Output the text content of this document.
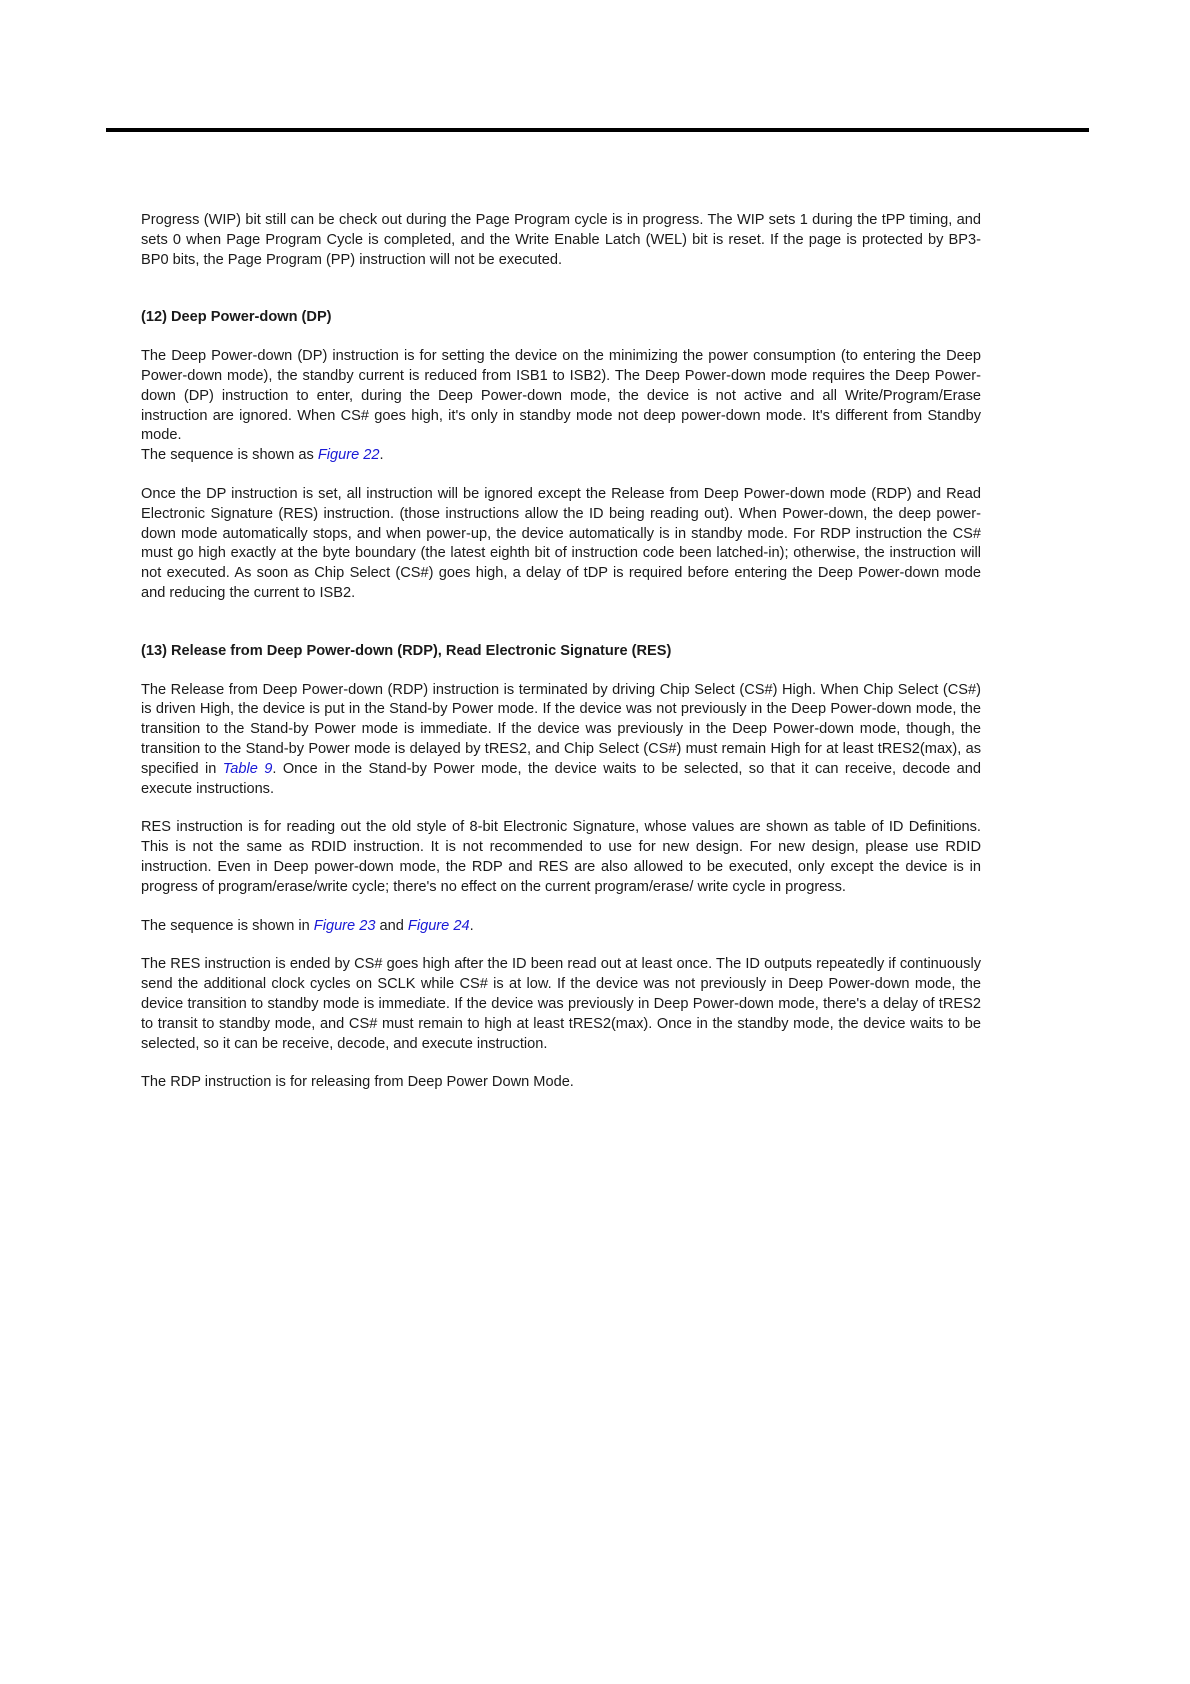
Progress (WIP) bit still can be check out during the Page Program cycle is in progress. The WIP sets 1 during the tPP timing, and sets 0 when Page Program Cycle is completed, and the Write Enable Latch (WEL) bit is reset. If the page is protected by BP3-BP0 bits, the Page Program (PP) instruction will not be executed.

(12) Deep Power-down (DP)

The Deep Power-down (DP) instruction is for setting the device on the minimizing the power consumption (to entering the Deep Power-down mode), the standby current is reduced from ISB1 to ISB2). The Deep Power-down mode requires the Deep Power-down (DP) instruction to enter, during the Deep Power-down mode, the device is not active and all Write/Program/Erase instruction are ignored. When CS# goes high, it's only in standby mode not deep power-down mode. It's different from Standby mode.

The sequence is shown as Figure 22.

Once the DP instruction is set, all instruction will be ignored except the Release from Deep Power-down mode (RDP) and Read Electronic Signature (RES) instruction. (those instructions allow the ID being reading out). When Power-down, the deep power-down mode automatically stops, and when power-up, the device automatically is in standby mode. For RDP instruction the CS# must go high exactly at the byte boundary (the latest eighth bit of instruction code been latched-in); otherwise, the instruction will not executed. As soon as Chip Select (CS#) goes high, a delay of tDP is required before entering the Deep Power-down mode and reducing the current to ISB2.

(13) Release from Deep Power-down (RDP), Read Electronic Signature (RES)

The Release from Deep Power-down (RDP) instruction is terminated by driving Chip Select (CS#) High. When Chip Select (CS#) is driven High, the device is put in the Stand-by Power mode. If the device was not previously in the Deep Power-down mode, the transition to the Stand-by Power mode is immediate. If the device was previously in the Deep Power-down mode, though, the transition to the Stand-by Power mode is delayed by tRES2, and Chip Select (CS#) must remain High for at least tRES2(max), as specified in Table 9. Once in the Stand-by Power mode, the device waits to be selected, so that it can receive, decode and execute instructions.

RES instruction is for reading out the old style of 8-bit Electronic Signature, whose values are shown as table of ID Definitions. This is not the same as RDID instruction. It is not recommended to use for new design. For new design, please use RDID instruction. Even in Deep power-down mode, the RDP and RES are also allowed to be executed, only except the device is in progress of program/erase/write cycle; there's no effect on the current program/erase/ write cycle in progress.

The sequence is shown in Figure 23 and Figure 24.

The RES instruction is ended by CS# goes high after the ID been read out at least once. The ID outputs repeatedly if continuously send the additional clock cycles on SCLK while CS# is at low. If the device was not previously in Deep Power-down mode, the device transition to standby mode is immediate. If the device was previously in Deep Power-down mode, there's a delay of tRES2 to transit to standby mode, and CS# must remain to high at least tRES2(max). Once in the standby mode, the device waits to be selected, so it can be receive, decode, and execute instruction.

The RDP instruction is for releasing from Deep Power Down Mode.
